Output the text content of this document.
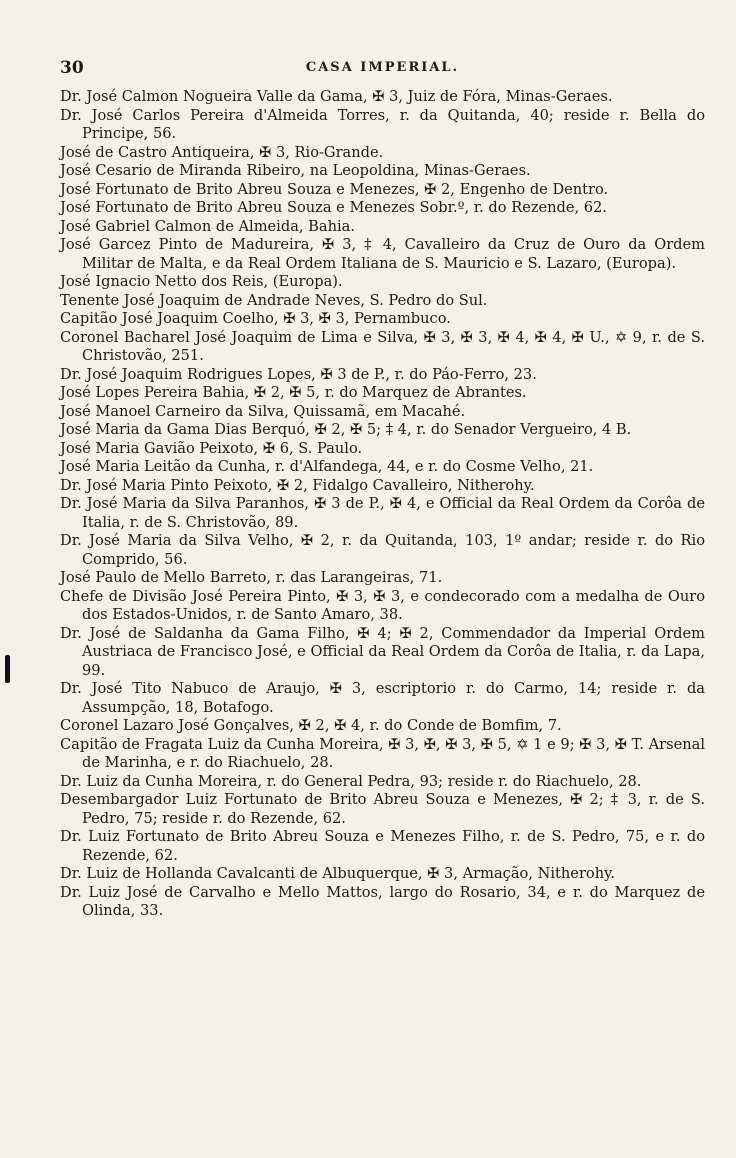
30	CASA IMPERIAL.
Dr. José Calmon Nogueira Valle da Gama, ✠ 3, Juiz de Fóra, Minas-Geraes.
Dr. José Carlos Pereira d'Almeida Torres, r. da Quitanda, 40; reside r. Bella do Principe, 56.
José de Castro Antiqueira, ✠ 3, Rio-Grande.
José Cesario de Miranda Ribeiro, na Leopoldina, Minas-Geraes.
José Fortunato de Brito Abreu Souza e Menezes, ✠ 2, Engenho de Dentro.
José Fortunato de Brito Abreu Souza e Menezes Sobr.º, r. do Rezende, 62.
José Gabriel Calmon de Almeida, Bahia.
José Garcez Pinto de Madureira, ✠ 3, ‡ 4, Cavalleiro da Cruz de Ouro da Ordem Militar de Malta, e da Real Ordem Italiana de S. Mauricio e S. Lazaro, (Europa).
José Ignacio Netto dos Reis, (Europa).
Tenente José Joaquim de Andrade Neves, S. Pedro do Sul.
Capitão José Joaquim Coelho, ✠ 3, ✠ 3, Pernambuco.
Coronel Bacharel José Joaquim de Lima e Silva, ✠ 3, ✠ 3, ✠ 4, ✠ 4, ✠ U., ✡ 9, r. de S. Christovão, 251.
Dr. José Joaquim Rodrigues Lopes, ✠ 3 de P., r. do Páo-Ferro, 23.
José Lopes Pereira Bahia, ✠ 2, ✠ 5, r. do Marquez de Abrantes.
José Manoel Carneiro da Silva, Quissamã, em Macahé.
José Maria da Gama Dias Berquó, ✠ 2, ✠ 5; ‡ 4, r. do Senador Vergueiro, 4 B.
José Maria Gavião Peixoto, ✠ 6, S. Paulo.
José Maria Leitão da Cunha, r. d'Alfandega, 44, e r. do Cosme Velho, 21.
Dr. José Maria Pinto Peixoto, ✠ 2, Fidalgo Cavalleiro, Nitherohy.
Dr. José Maria da Silva Paranhos, ✠ 3 de P., ✠ 4, e Official da Real Ordem da Corôa de Italia, r. de S. Christovão, 89.
Dr. José Maria da Silva Velho, ✠ 2, r. da Quitanda, 103, 1º andar; reside r. do Rio Comprido, 56.
José Paulo de Mello Barreto, r. das Larangeiras, 71.
Chefe de Divisão José Pereira Pinto, ✠ 3, ✠ 3, e condecorado com a medalha de Ouro dos Estados-Unidos, r. de Santo Amaro, 38.
Dr. José de Saldanha da Gama Filho, ✠ 4; ✠ 2, Commendador da Imperial Ordem Austriaca de Francisco José, e Official da Real Ordem da Corôa de Italia, r. da Lapa, 99.
Dr. José Tito Nabuco de Araujo, ✠ 3, escriptorio r. do Carmo, 14; reside r. da Assumpção, 18, Botafogo.
Coronel Lazaro José Gonçalves, ✠ 2, ✠ 4, r. do Conde de Bomfim, 7.
Capitão de Fragata Luiz da Cunha Moreira, ✠ 3, ✠, ✠ 3, ✠ 5, ✡ 1 e 9; ✠ 3, ✠ T. Arsenal de Marinha, e r. do Riachuelo, 28.
Dr. Luiz da Cunha Moreira, r. do General Pedra, 93; reside r. do Riachuelo, 28.
Desembargador Luiz Fortunato de Brito Abreu Souza e Menezes, ✠ 2; ‡ 3, r. de S. Pedro, 75; reside r. do Rezende, 62.
Dr. Luiz Fortunato de Brito Abreu Souza e Menezes Filho, r. de S. Pedro, 75, e r. do Rezende, 62.
Dr. Luiz de Hollanda Cavalcanti de Albuquerque, ✠ 3, Armação, Nitherohy.
Dr. Luiz José de Carvalho e Mello Mattos, largo do Rosario, 34, e r. do Marquez de Olinda, 33.
